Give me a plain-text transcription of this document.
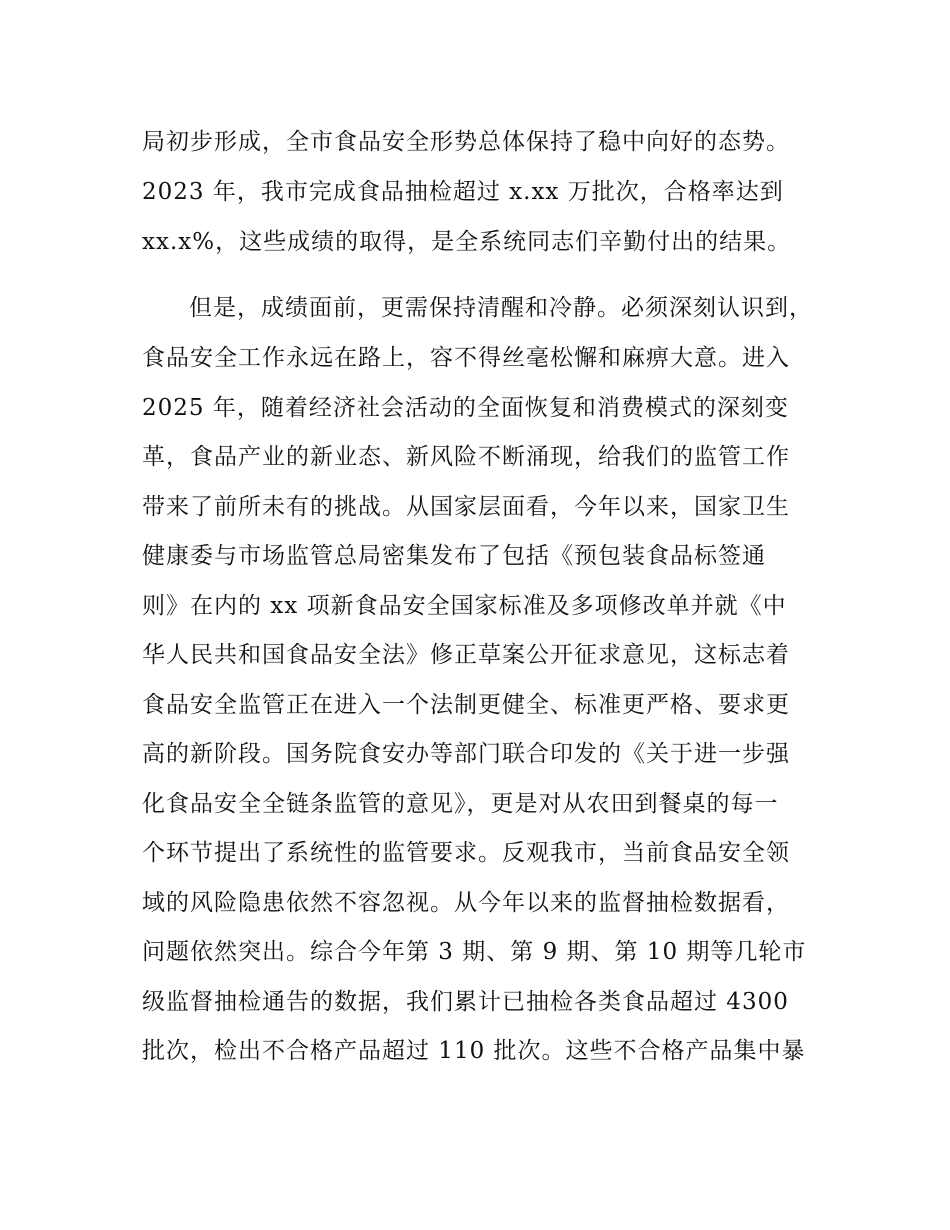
局初步形成，全市食品安全形势总体保持了稳中向好的态势。
2023 年，我市完成食品抽检超过 x.xx 万批次，合格率达到
xx.x%，这些成绩的取得，是全系统同志们辛勤付出的结果。
但是，成绩面前，更需保持清醒和冷静。必须深刻认识到，
食品安全工作永远在路上，容不得丝毫松懈和麻痹大意。进入
2025 年，随着经济社会活动的全面恢复和消费模式的深刻变
革，食品产业的新业态、新风险不断涌现，给我们的监管工作
带来了前所未有的挑战。从国家层面看，今年以来，国家卫生
健康委与市场监管总局密集发布了包括《预包装食品标签通
则》在内的 xx 项新食品安全国家标准及多项修改单并就《中
华人民共和国食品安全法》修正草案公开征求意见，这标志着
食品安全监管正在进入一个法制更健全、标准更严格、要求更
高的新阶段。国务院食安办等部门联合印发的《关于进一步强
化食品安全全链条监管的意见》，更是对从农田到餐桌的每一
个环节提出了系统性的监管要求。反观我市，当前食品安全领
域的风险隐患依然不容忽视。从今年以来的监督抽检数据看，
问题依然突出。综合今年第 3 期、第 9 期、第 10 期等几轮市
级监督抽检通告的数据，我们累计已抽检各类食品超过 4300
批次，检出不合格产品超过 110 批次。这些不合格产品集中暴
